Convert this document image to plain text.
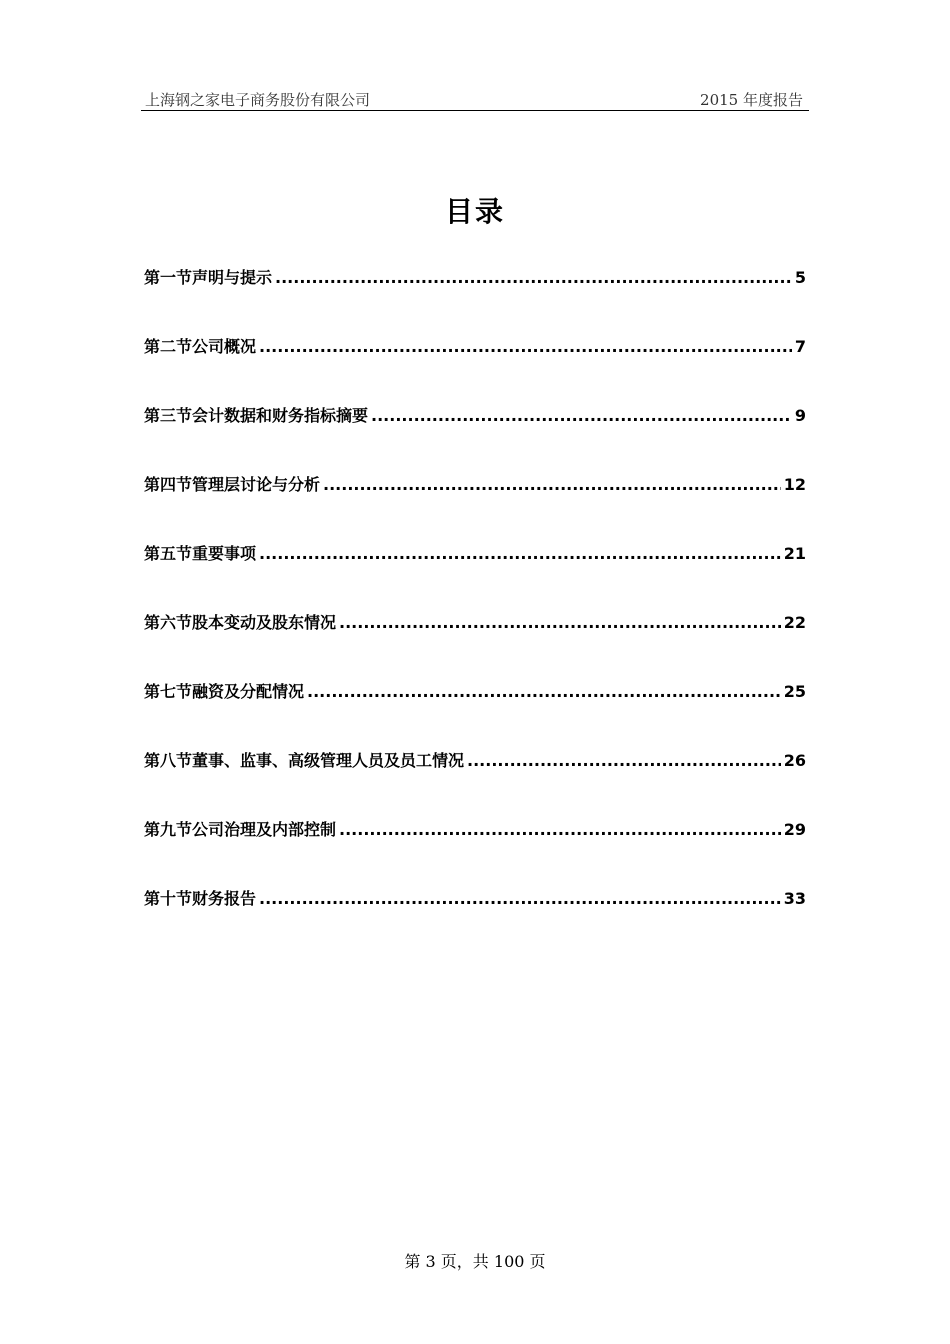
上海钢之家电子商务股份有限公司	2015 年度报告
目录
第一节声明与提示 .....	5
第二节公司概况 .....	7
第三节会计数据和财务指标摘要 .....	9
第四节管理层讨论与分析 .....	12
第五节重要事项 .....	21
第六节股本变动及股东情况 .....	22
第七节融资及分配情况 .....	25
第八节董事、监事、高级管理人员及员工情况 .....	26
第九节公司治理及内部控制 .....	29
第十节财务报告 .....	33
第 3 页，共 100 页
